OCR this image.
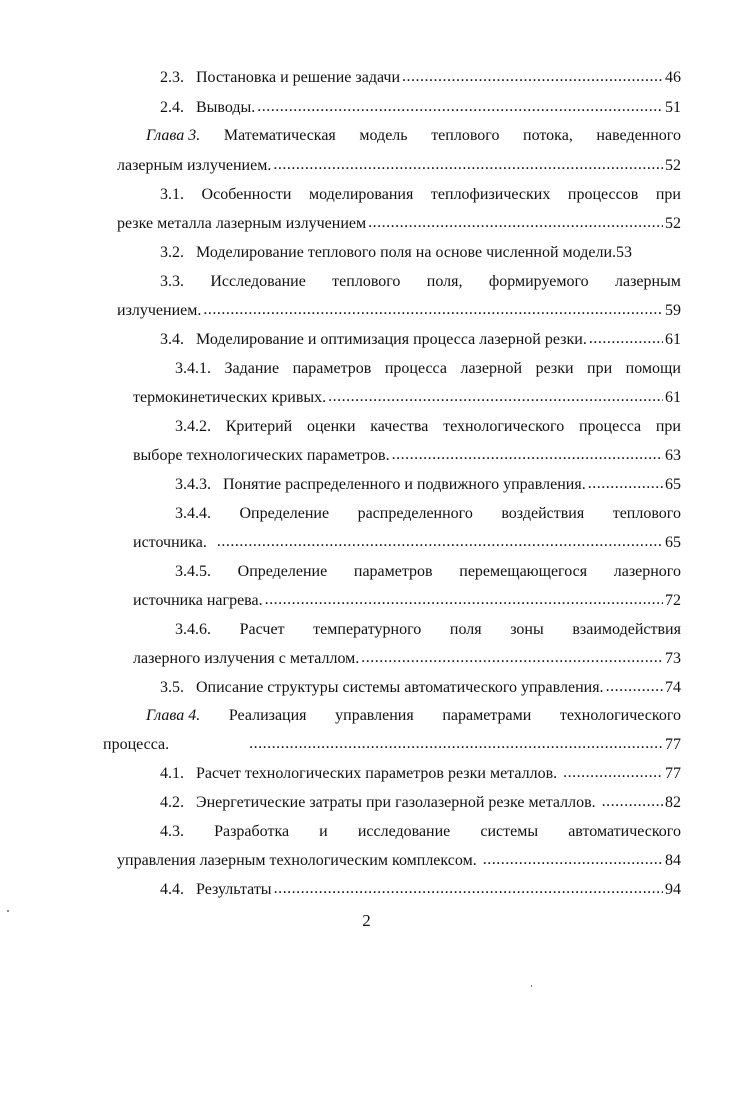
2.3. Постановка и решение задачи .....	46
2.4. Выводы. .....	51
Глава 3. Математическая модель теплового потока, наведенного
лазерным излучением. .....	52
3.1. Особенности моделирования теплофизических процессов при
резке металла лазерным излучением .....	52
3.2. Моделирование теплового поля на основе численной модели. 53
3.3. Исследование теплового поля, формируемого лазерным
излучением. .....	59
3.4. Моделирование и оптимизация процесса лазерной резки. .....	61
3.4.1. Задание параметров процесса лазерной резки при помощи
термокинетических кривых. .....	61
3.4.2. Критерий оценки качества технологического процесса при
выборе технологических параметров. .....	63
3.4.3. Понятие распределенного и подвижного управления. .....	65
3.4.4. Определение распределенного воздействия теплового
источника. .....	65
3.4.5. Определение параметров перемещающегося лазерного
источника нагрева. .....	72
3.4.6. Расчет температурного поля зоны взаимодействия
лазерного излучения с металлом. .....	73
3.5. Описание структуры системы автоматического управления. .....	74
Глава 4. Реализация управления параметрами технологического
процесса. .....	77
4.1. Расчет технологических параметров резки металлов. .....	77
4.2. Энергетические затраты при газолазерной резке металлов. .....	82
4.3. Разработка и исследование системы автоматического
управления лазерным технологическим комплексом. .....	84
4.4. Результаты .....	94
2
